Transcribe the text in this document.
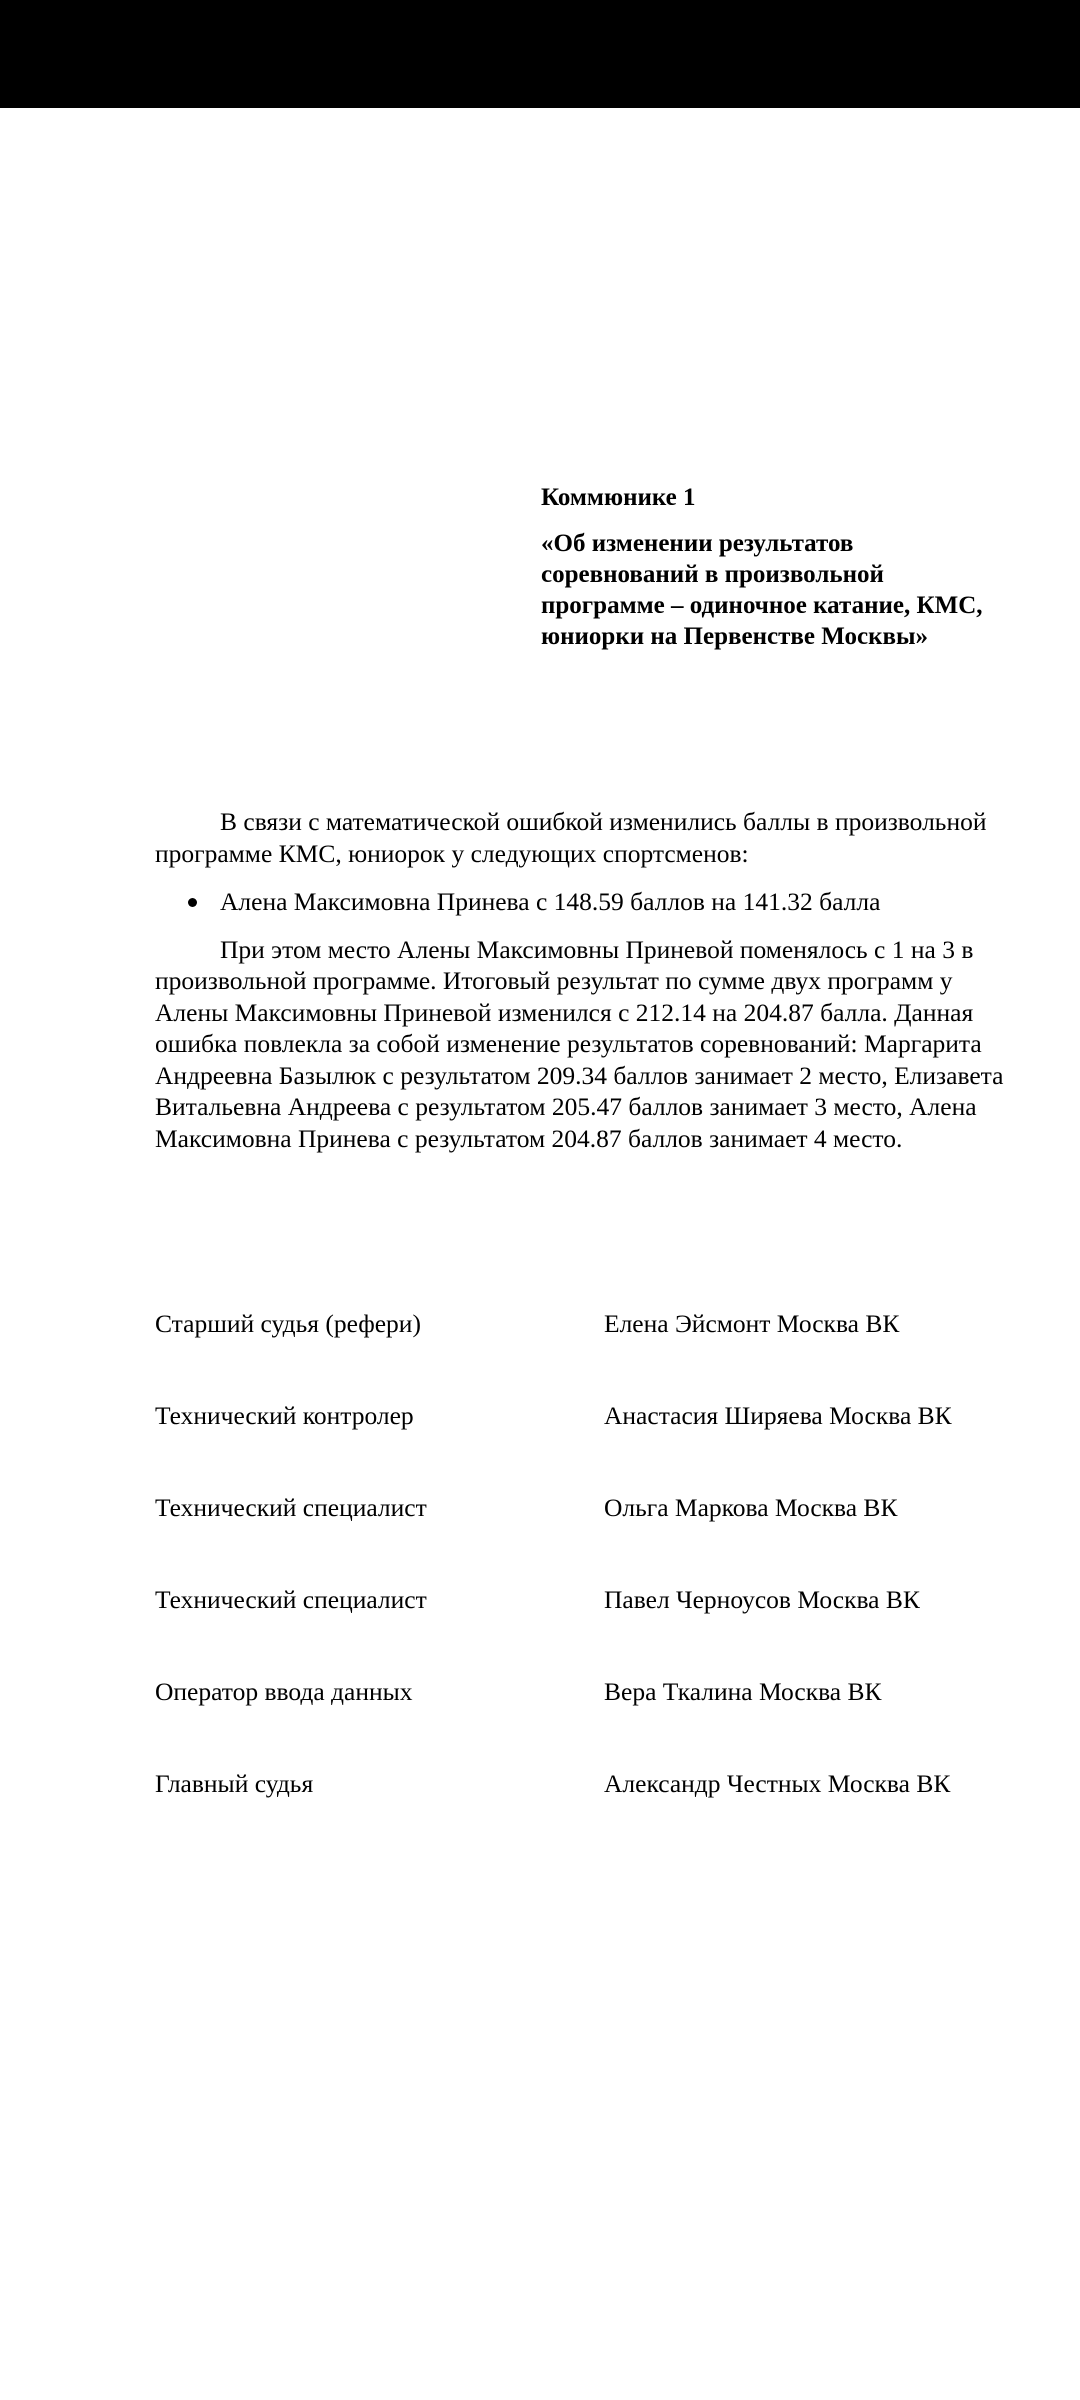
Коммюнике 1

«Об изменении результатов соревнований в произвольной программе – одиночное катание, КМС, юниорки на Первенстве Москвы»

В связи с математической ошибкой изменились баллы в произвольной программе КМС, юниорок у следующих спортсменов:

Алена Максимовна Принева с 148.59 баллов на 141.32 балла

При этом место Алены Максимовны Приневой поменялось с 1 на 3 в произвольной программе. Итоговый результат по сумме двух программ у Алены Максимовны Приневой изменился с 212.14 на 204.87 балла. Данная ошибка повлекла за собой изменение результатов соревнований: Маргарита Андреевна Базылюк с результатом 209.34 баллов занимает 2 место, Елизавета Витальевна Андреева с результатом 205.47 баллов занимает 3 место, Алена Максимовна Принева с результатом 204.87 баллов занимает 4 место.

Старший судья (рефери)	Елена Эйсмонт Москва ВК
Технический контролер	Анастасия Ширяева Москва ВК
Технический специалист	Ольга Маркова Москва ВК
Технический специалист	Павел Черноусов Москва ВК
Оператор ввода данных	Вера Ткалина Москва ВК
Главный судья	Александр Честных Москва ВК
